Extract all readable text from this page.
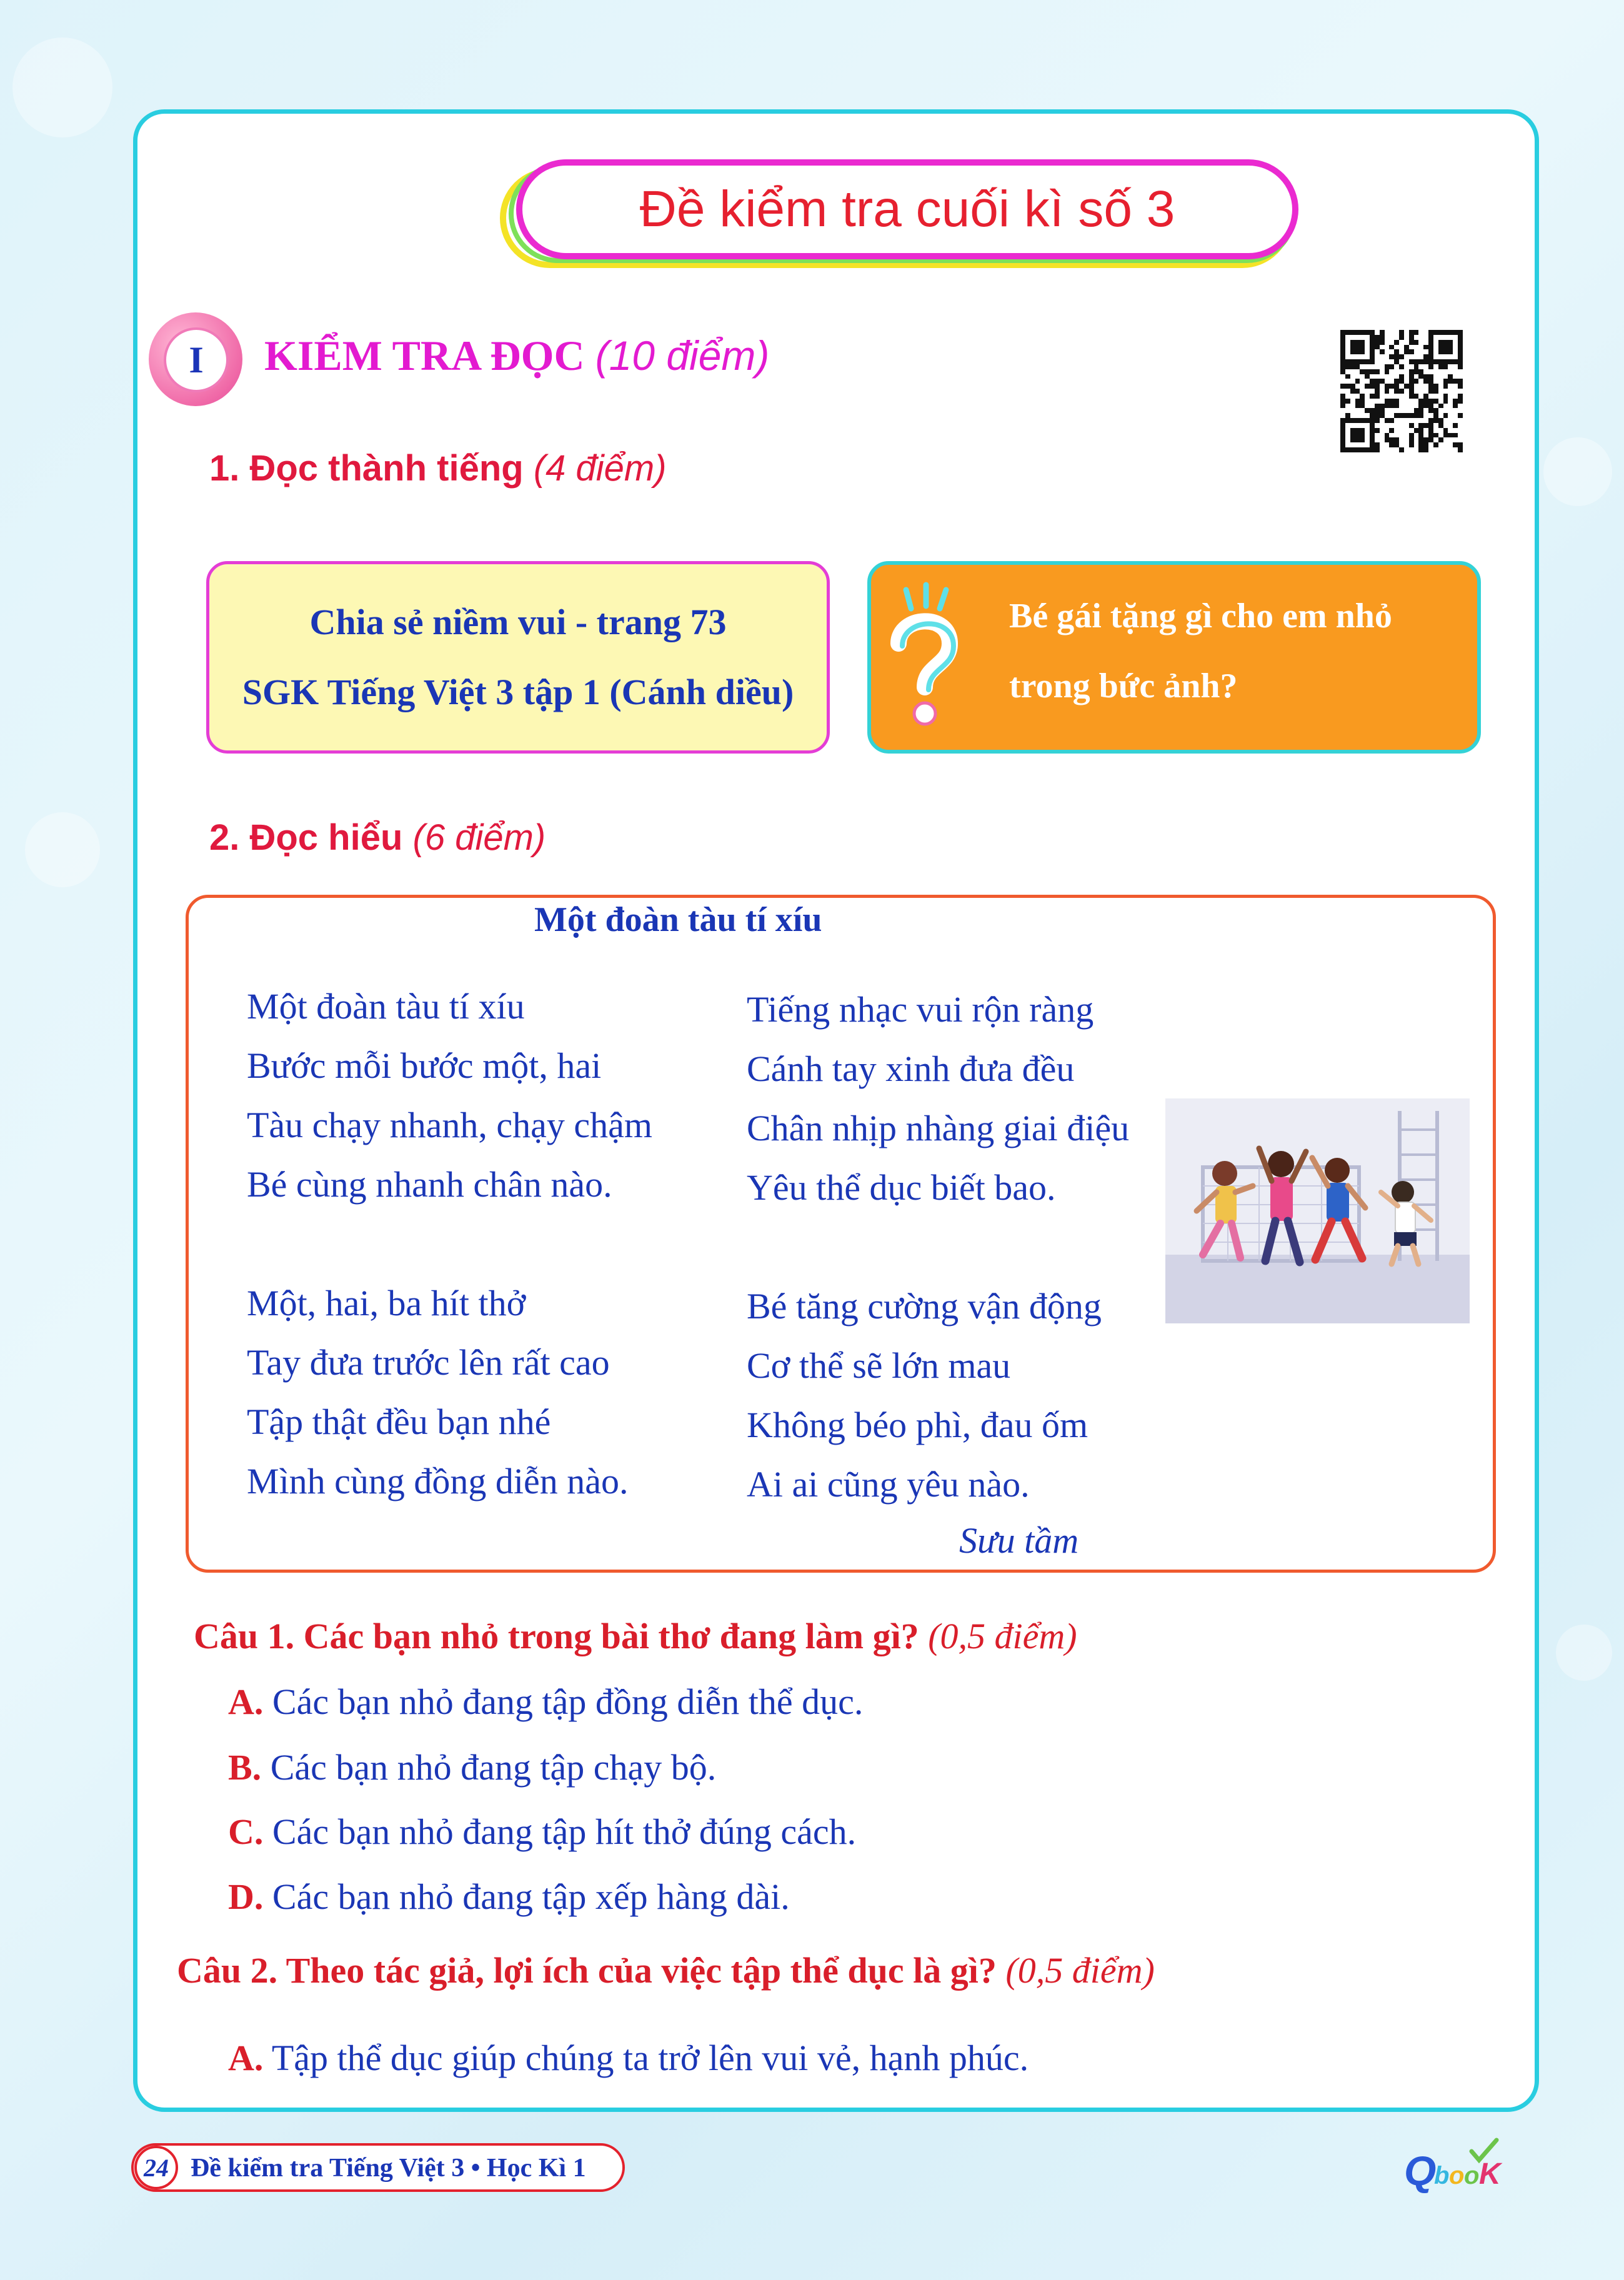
Đề kiểm tra cuối kì số 3
I	KIỂM TRA ĐỌC (10 điểm)
1. Đọc thành tiếng (4 điểm)
Chia sẻ niềm vui - trang 73
SGK Tiếng Việt 3 tập 1 (Cánh diều)
Bé gái tặng gì cho em nhỏ
trong bức ảnh?
2. Đọc hiểu (6 điểm)
Một đoàn tàu tí xíu
Một đoàn tàu tí xíu
Bước mỗi bước một, hai
Tàu chạy nhanh, chạy chậm
Bé cùng nhanh chân nào.
Một, hai, ba hít thở
Tay đưa trước lên rất cao
Tập thật đều bạn nhé
Mình cùng đồng diễn nào.
Tiếng nhạc vui rộn ràng
Cánh tay xinh đưa đều
Chân nhịp nhàng giai điệu
Yêu thể dục biết bao.
Bé tăng cường vận động
Cơ thể sẽ lớn mau
Không béo phì, đau ốm
Ai ai cũng yêu nào.
Sưu tầm
Câu 1. Các bạn nhỏ trong bài thơ đang làm gì? (0,5 điểm)
A. Các bạn nhỏ đang tập đồng diễn thể dục.
B. Các bạn nhỏ đang tập chạy bộ.
C. Các bạn nhỏ đang tập hít thở đúng cách.
D. Các bạn nhỏ đang tập xếp hàng dài.
Câu 2. Theo tác giả, lợi ích của việc tập thể dục là gì? (0,5 điểm)
A. Tập thể dục giúp chúng ta trở lên vui vẻ, hạnh phúc.
24 Đề kiểm tra Tiếng Việt 3 • Học Kì 1	Q
b o o K
